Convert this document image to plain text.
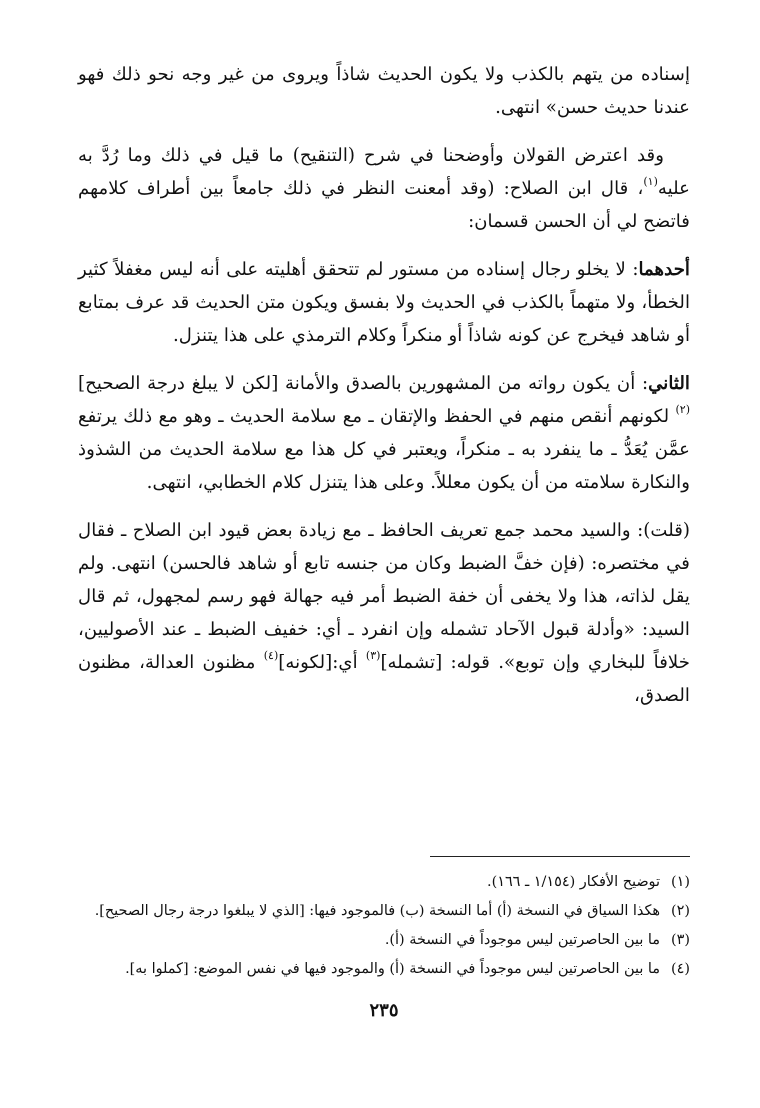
إسناده من يتهم بالكذب ولا يكون الحديث شاذاً ويروى من غير وجه نحو ذلك فهو عندنا حديث حسن» انتهى.

وقد اعترض القولان وأوضحنا في شرح (التنقيح) ما قيل في ذلك وما رُدَّ به عليه$^{(١)}$، قال ابن الصلاح: (وقد أمعنت النظر في ذلك جامعاً بين أطراف كلامهم فاتضح لي أن الحسن قسمان:

أحدهما: لا يخلو رجال إسناده من مستور لم تتحقق أهليته على أنه ليس مغفلاً كثير الخطأ، ولا متهماً بالكذب في الحديث ولا بفسق ويكون متن الحديث قد عرف بمتابع أو شاهد فيخرج عن كونه شاذاً أو منكراً وكلام الترمذي على هذا يتنزل.

الثاني: أن يكون رواته من المشهورين بالصدق والأمانة [لكن لا يبلغ درجة الصحيح]$^{(٢)}$ لكونهم أنقص منهم في الحفظ والإتقان ـ مع سلامة الحديث ـ وهو مع ذلك يرتفع عمَّن يُعَدُّ ـ ما ينفرد به ـ منكراً، ويعتبر في كل هذا مع سلامة الحديث من الشذوذ والنكارة سلامته من أن يكون معللاً. وعلى هذا يتنزل كلام الخطابي، انتهى.

(قلت): والسيد محمد جمع تعريف الحافظ ـ مع زيادة بعض قيود ابن الصلاح ـ فقال في مختصره: (فإن خفَّ الضبط وكان من جنسه تابع أو شاهد فالحسن) انتهى. ولم يقل لذاته، هذا ولا يخفى أن خفة الضبط أمر فيه جهالة فهو رسم لمجهول، ثم قال السيد: «وأدلة قبول الآحاد تشمله وإن انفرد ـ أي: خفيف الضبط ـ عند الأصوليين، خلافاً للبخاري وإن توبع». قوله: [تشمله]$^{(٣)}$ أي:[لكونه]$^{(٤)}$ مظنون العدالة، مظنون الصدق،

(١)
توضيح الأفكار (١/١٥٤ ـ ١٦٦).
(٢)
هكذا السياق في النسخة (أ) أما النسخة (ب) فالموجود فيها: [الذي لا يبلغوا درجة رجال الصحيح].
(٣)
ما بين الحاصرتين ليس موجوداً في النسخة (أ).
(٤)
ما بين الحاصرتين ليس موجوداً في النسخة (أ) والموجود فيها في نفس الموضع: [كملوا به].
٢٣٥
